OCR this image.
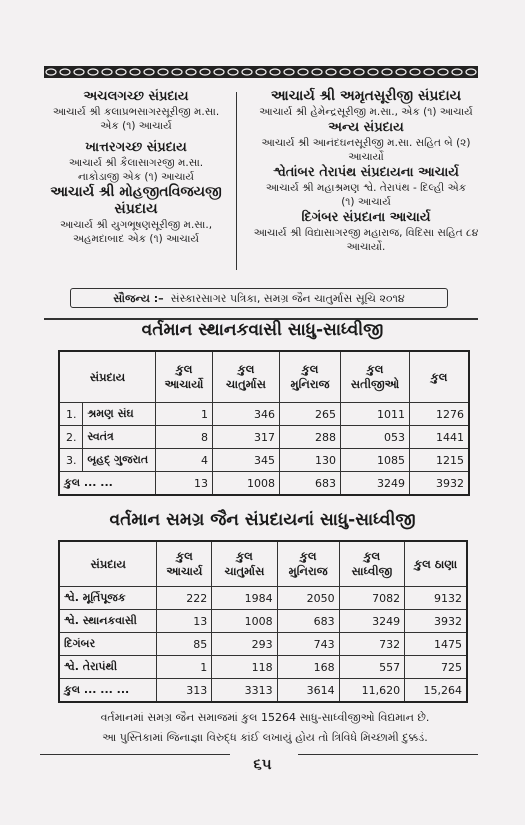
અચલગચ્છ સંપ્રદાય
આચાર્ય શ્રી કલાપ્રભસાગરસૂરીજી મ.સા.
એક (૧) આચાર્ય
ખાત્તરગચ્છ સંપ્રદાય
આચાર્ય શ્રી કૈલાસાગરજી મ.સા.
નાકોડાજી એક (૧) આચાર્ય
આચાર્ય શ્રી મોહજીતવિજયજી
સંપ્રદાય
આચાર્ય શ્રી યુગભૂષણસૂરીજી મ.સા.,
અહમદાબાદ એક (૧) આચાર્ય
આચાર્ય શ્રી અમૃતસૂરીજી સંપ્રદાય
આચાર્ય શ્રી હેમેન્દ્રસૂરીજી મ.સા., એક (૧) આચાર્ય
અન્ય સંપ્રદાય
આચાર્ય શ્રી આનંદઘનસૂરીજી મ.સા. સહિત બે (૨)
આચાર્યો
શ્વેતાંબર તેરાપંથ સંપ્રદાયના આચાર્ય
આચાર્ય શ્રી મહાશ્રમણ શ્વે. તેરાપંથ - દિલ્હી એક
(૧) આચાર્ય
દિગંબર સંપ્રદાના આચાર્ય
આચાર્ય શ્રી વિદ્યાસાગરજી મહારાજ, વિદિસા સહિત ૮૪
આચાર્યો.
સૌજન્ય :– સંસ્કારસાગર પત્રિકા, સમગ્ર જૈન ચાતુર્માસ સૂચિ ૨૦૧૪
વર્તમાન સ્થાનકવાસી સાધુ-સાધ્વીજી
સંપ્રદાય		કુલ આચાર્યો	કુલ ચાતુર્માસ	કુલ મુનિરાજ	કુલ સતીજીઓ	કુલ
1.	શ્રમણ સંઘ	1	346	265	1011	1276
2.	સ્વતંત્ર	8	317	288	053	1441
3.	બૃહદ્ ગુજરાત	4	345	130	1085	1215
કુલ ... ...		13	1008	683	3249	3932
વર્તમાન સમગ્ર જૈન સંપ્રદાયનાં સાધુ-સાધ્વીજી
સંપ્રદાય	કુલ આચાર્ય	કુલ ચાતુર્માસ	કુલ મુનિરાજ	કુલ સાધ્વીજી	કુલ ઠાણા
શ્વે. મૂર્તિપૂજક	222	1984	2050	7082	9132
શ્વે. સ્થાનકવાસી	13	1008	683	3249	3932
દિગંબર	85	293	743	732	1475
શ્વે. તેરાપંથી	1	118	168	557	725
કુલ ... ... ...	313	3313	3614	11,620	15,264
વર્તમાનમાં સમગ્ર જૈન સમાજમાં કુલ 15264 સાધુ-સાધ્વીજીઓ વિદ્યમાન છે.
આ પુસ્તિકામાં જિનાજ્ઞા વિરુદ્ધ કાંઈ લખાયું હોય તો ત્રિવિધે મિચ્છામી દુક્કડં.
૬૫
